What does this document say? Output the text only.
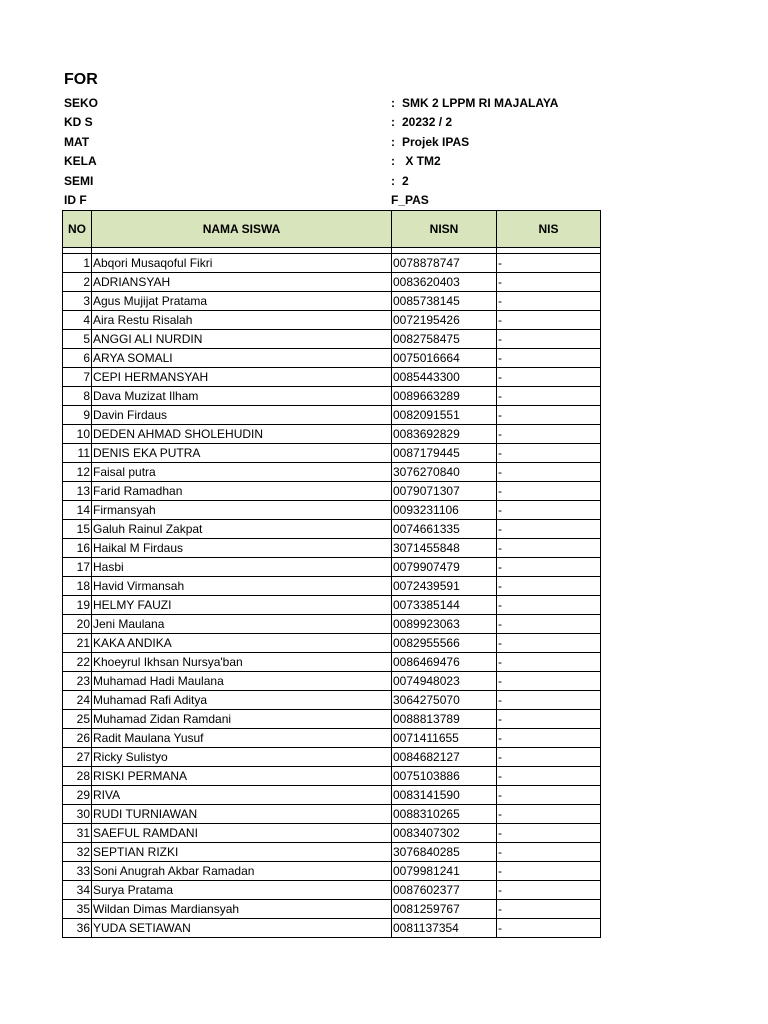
FOR
SEKO	: SMK 2 LPPM RI MAJALAYA
KD S	: 20232 / 2
MAT	: Projek IPAS
KELA	: X TM2
SEMI	: 2
ID F	F_PAS
NO	NAMA SISWA	NISN	NIS

1	Abqori Musaqoful Fikri	0078878747	-
2	ADRIANSYAH	0083620403	-
3	Agus Mujijat Pratama	0085738145	-
4	Aira Restu Risalah	0072195426	-
5	ANGGI ALI NURDIN	0082758475	-
6	ARYA SOMALI	0075016664	-
7	CEPI HERMANSYAH	0085443300	-
8	Dava Muzizat Ilham	0089663289	-
9	Davin Firdaus	0082091551	-
10	DEDEN AHMAD SHOLEHUDIN	0083692829	-
11	DENIS EKA PUTRA	0087179445	-
12	Faisal putra	3076270840	-
13	Farid Ramadhan	0079071307	-
14	Firmansyah	0093231106	-
15	Galuh Rainul Zakpat	0074661335	-
16	Haikal M Firdaus	3071455848	-
17	Hasbi	0079907479	-
18	Havid Virmansah	0072439591	-
19	HELMY FAUZI	0073385144	-
20	Jeni Maulana	0089923063	-
21	KAKA ANDIKA	0082955566	-
22	Khoeyrul Ikhsan Nursya'ban	0086469476	-
23	Muhamad Hadi Maulana	0074948023	-
24	Muhamad Rafi Aditya	3064275070	-
25	Muhamad Zidan Ramdani	0088813789	-
26	Radit Maulana Yusuf	0071411655	-
27	Ricky Sulistyo	0084682127	-
28	RISKI PERMANA	0075103886	-
29	RIVA	0083141590	-
30	RUDI TURNIAWAN	0088310265	-
31	SAEFUL RAMDANI	0083407302	-
32	SEPTIAN RIZKI	3076840285	-
33	Soni Anugrah Akbar Ramadan	0079981241	-
34	Surya Pratama	0087602377	-
35	Wildan Dimas Mardiansyah	0081259767	-
36	YUDA SETIAWAN	0081137354	-
